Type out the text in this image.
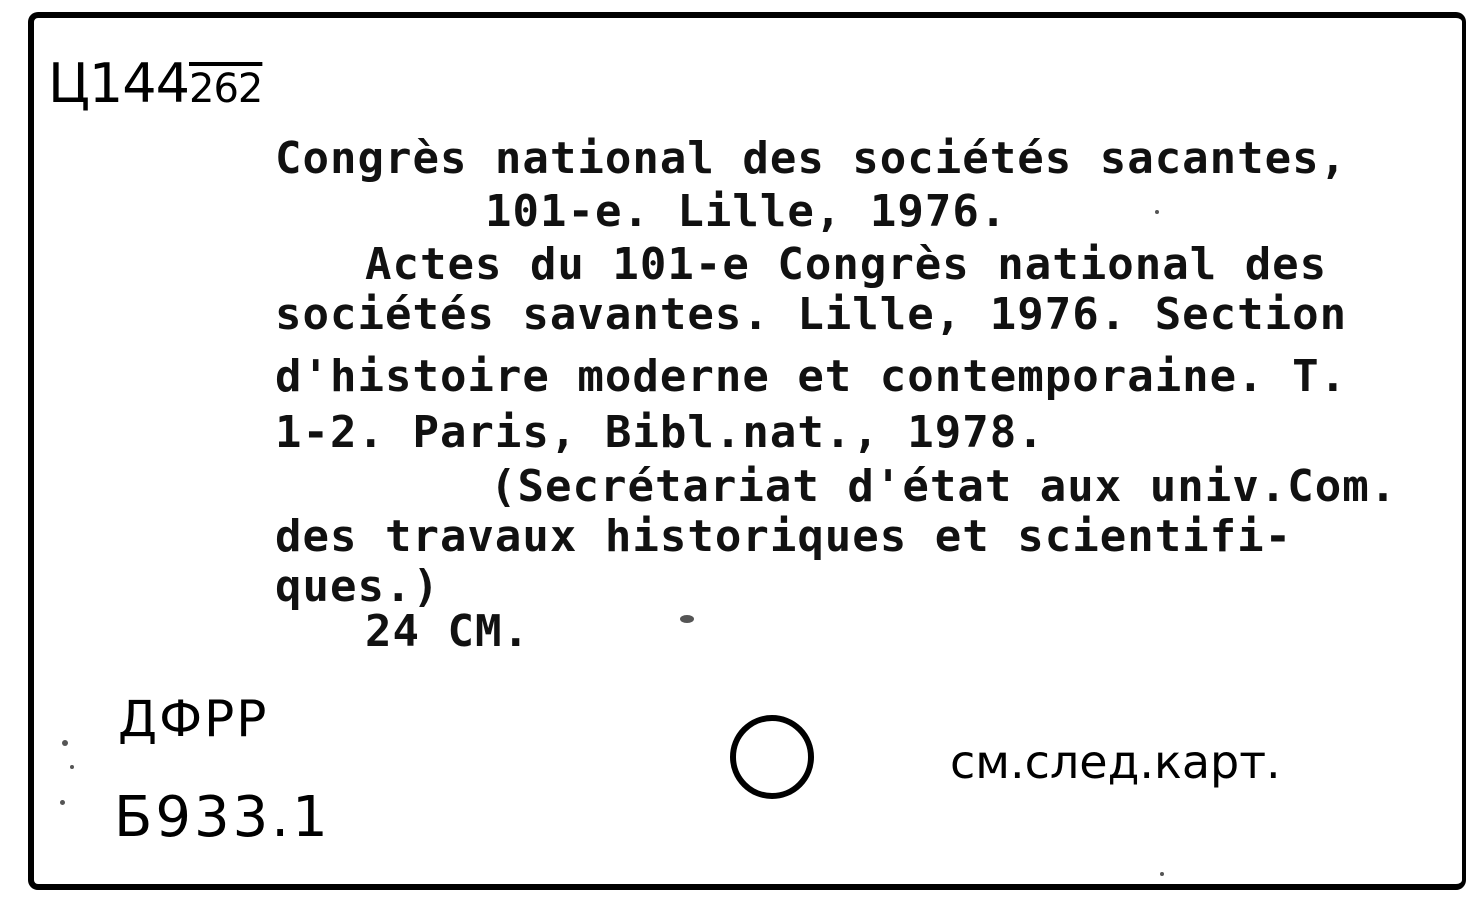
Ц144262
Congrès national des sociétés sacantes,
101-e. Lille, 1976.
Actes du 101-e Congrès national des
sociétés savantes. Lille, 1976. Section
d'histoire moderne et contemporaine. T.
1-2. Paris, Bibl.nat., 1978.
(Secrétariat d'état aux univ.Com.
des travaux historiques et scientifi-
ques.)
24 CM.
ДФРР
Б933.1
см.след.карт.
